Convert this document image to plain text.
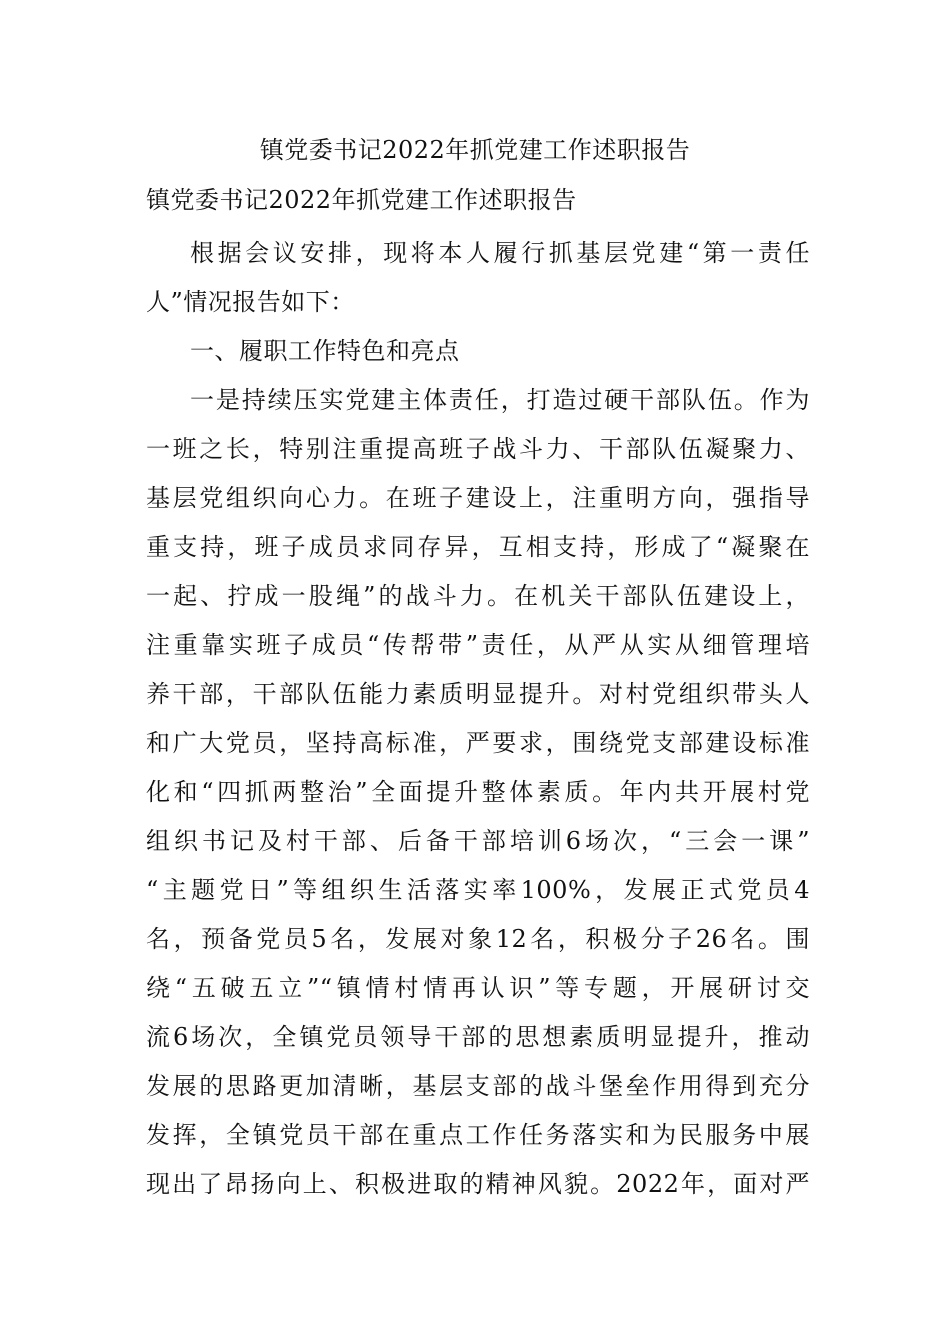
镇党委书记2022年抓党建工作述职报告
镇党委书记2022年抓党建工作述职报告
根据会议安排，现将本人履行抓基层党建“第一责任
人”情况报告如下：
一、履职工作特色和亮点
一是持续压实党建主体责任，打造过硬干部队伍。作为
一班之长，特别注重提高班子战斗力、干部队伍凝聚力、
基层党组织向心力。在班子建设上，注重明方向，强指导
重支持，班子成员求同存异，互相支持，形成了“凝聚在
一起、拧成一股绳”的战斗力。在机关干部队伍建设上，
注重靠实班子成员“传帮带”责任，从严从实从细管理培
养干部，干部队伍能力素质明显提升。对村党组织带头人
和广大党员，坚持高标准，严要求，围绕党支部建设标准
化和“四抓两整治”全面提升整体素质。年内共开展村党
组织书记及村干部、后备干部培训6场次，“三会一课”
“主题党日”等组织生活落实率100%，发展正式党员4
名，预备党员5名，发展对象12名，积极分子26名。围
绕“五破五立”“镇情村情再认识”等专题，开展研讨交
流6场次，全镇党员领导干部的思想素质明显提升，推动
发展的思路更加清晰，基层支部的战斗堡垒作用得到充分
发挥，全镇党员干部在重点工作任务落实和为民服务中展
现出了昂扬向上、积极进取的精神风貌。2022年，面对严
